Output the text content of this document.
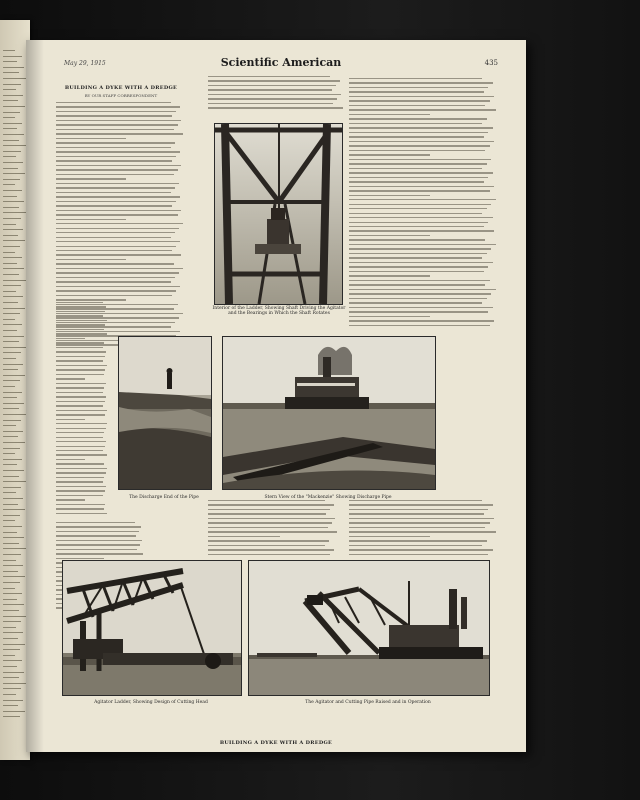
May 29, 1915	Scientific American	435
BUILDING A DYKE WITH A DREDGE
BY OUR STAFF CORRESPONDENT
Interior of the Ladder, Showing Shaft Driving the Agitator and the Bearings in Which the Shaft Rotates
The Discharge End of the Pipe	Stern View of the "Mackenzie" Showing Discharge Pipe
Agitator Ladder, Showing Design of Cutting Head	The Agitator and Cutting Pipe Raised and in Operation
BUILDING A DYKE WITH A DREDGE
